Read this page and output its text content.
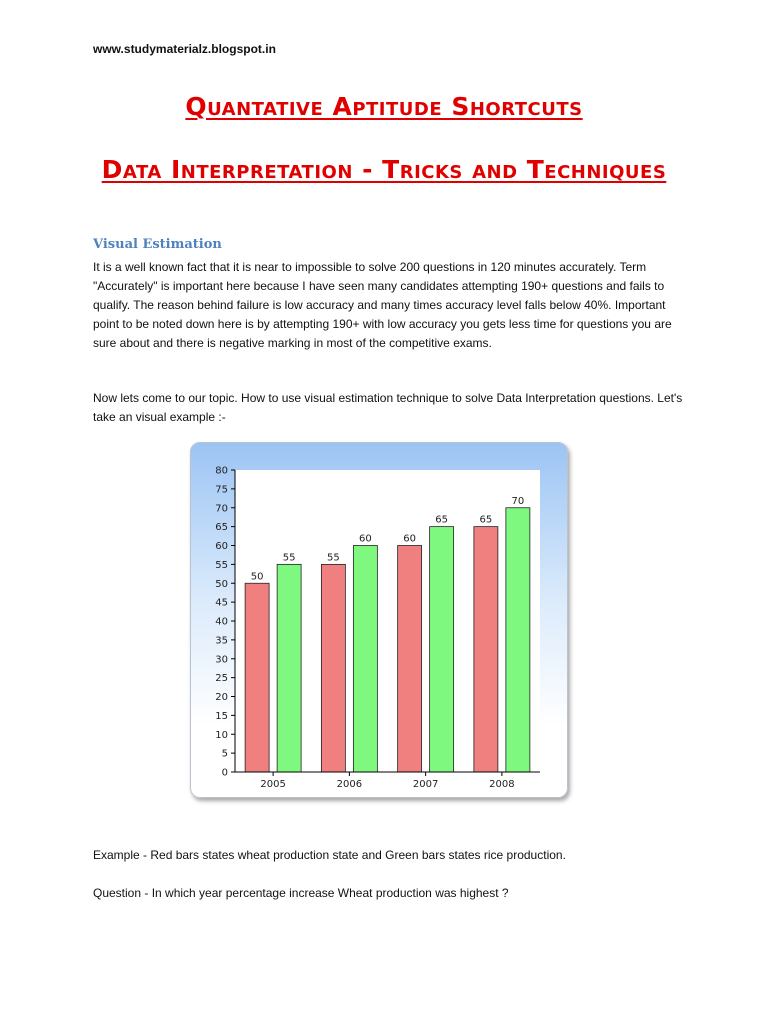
www.studymaterialz.blogspot.in
Quantative Aptitude Shortcuts
Data Interpretation - Tricks and Techniques
Visual Estimation

It is a well known fact that it is near to impossible to solve 200 questions in 120 minutes accurately. Term "Accurately" is important here because I have seen many candidates attempting 190+ questions and fails to qualify. The reason behind failure is low accuracy and many times accuracy level falls below 40%. Important point to be noted down here is by attempting 190+ with low accuracy you gets less time for questions you are sure about and there is negative marking in most of the competitive exams.

Now lets come to our topic. How to use visual estimation technique to solve Data Interpretation questions. Let's take an visual example :-

0
5
10
15
20
25
30
35
40
45
50
55
60
65
70
75
80
50
55
2005
55
60
2006
60
65
2007
65
70
2008

Example - Red bars states wheat production state and Green bars states rice production.

Question - In which year percentage increase Wheat production was highest ?
